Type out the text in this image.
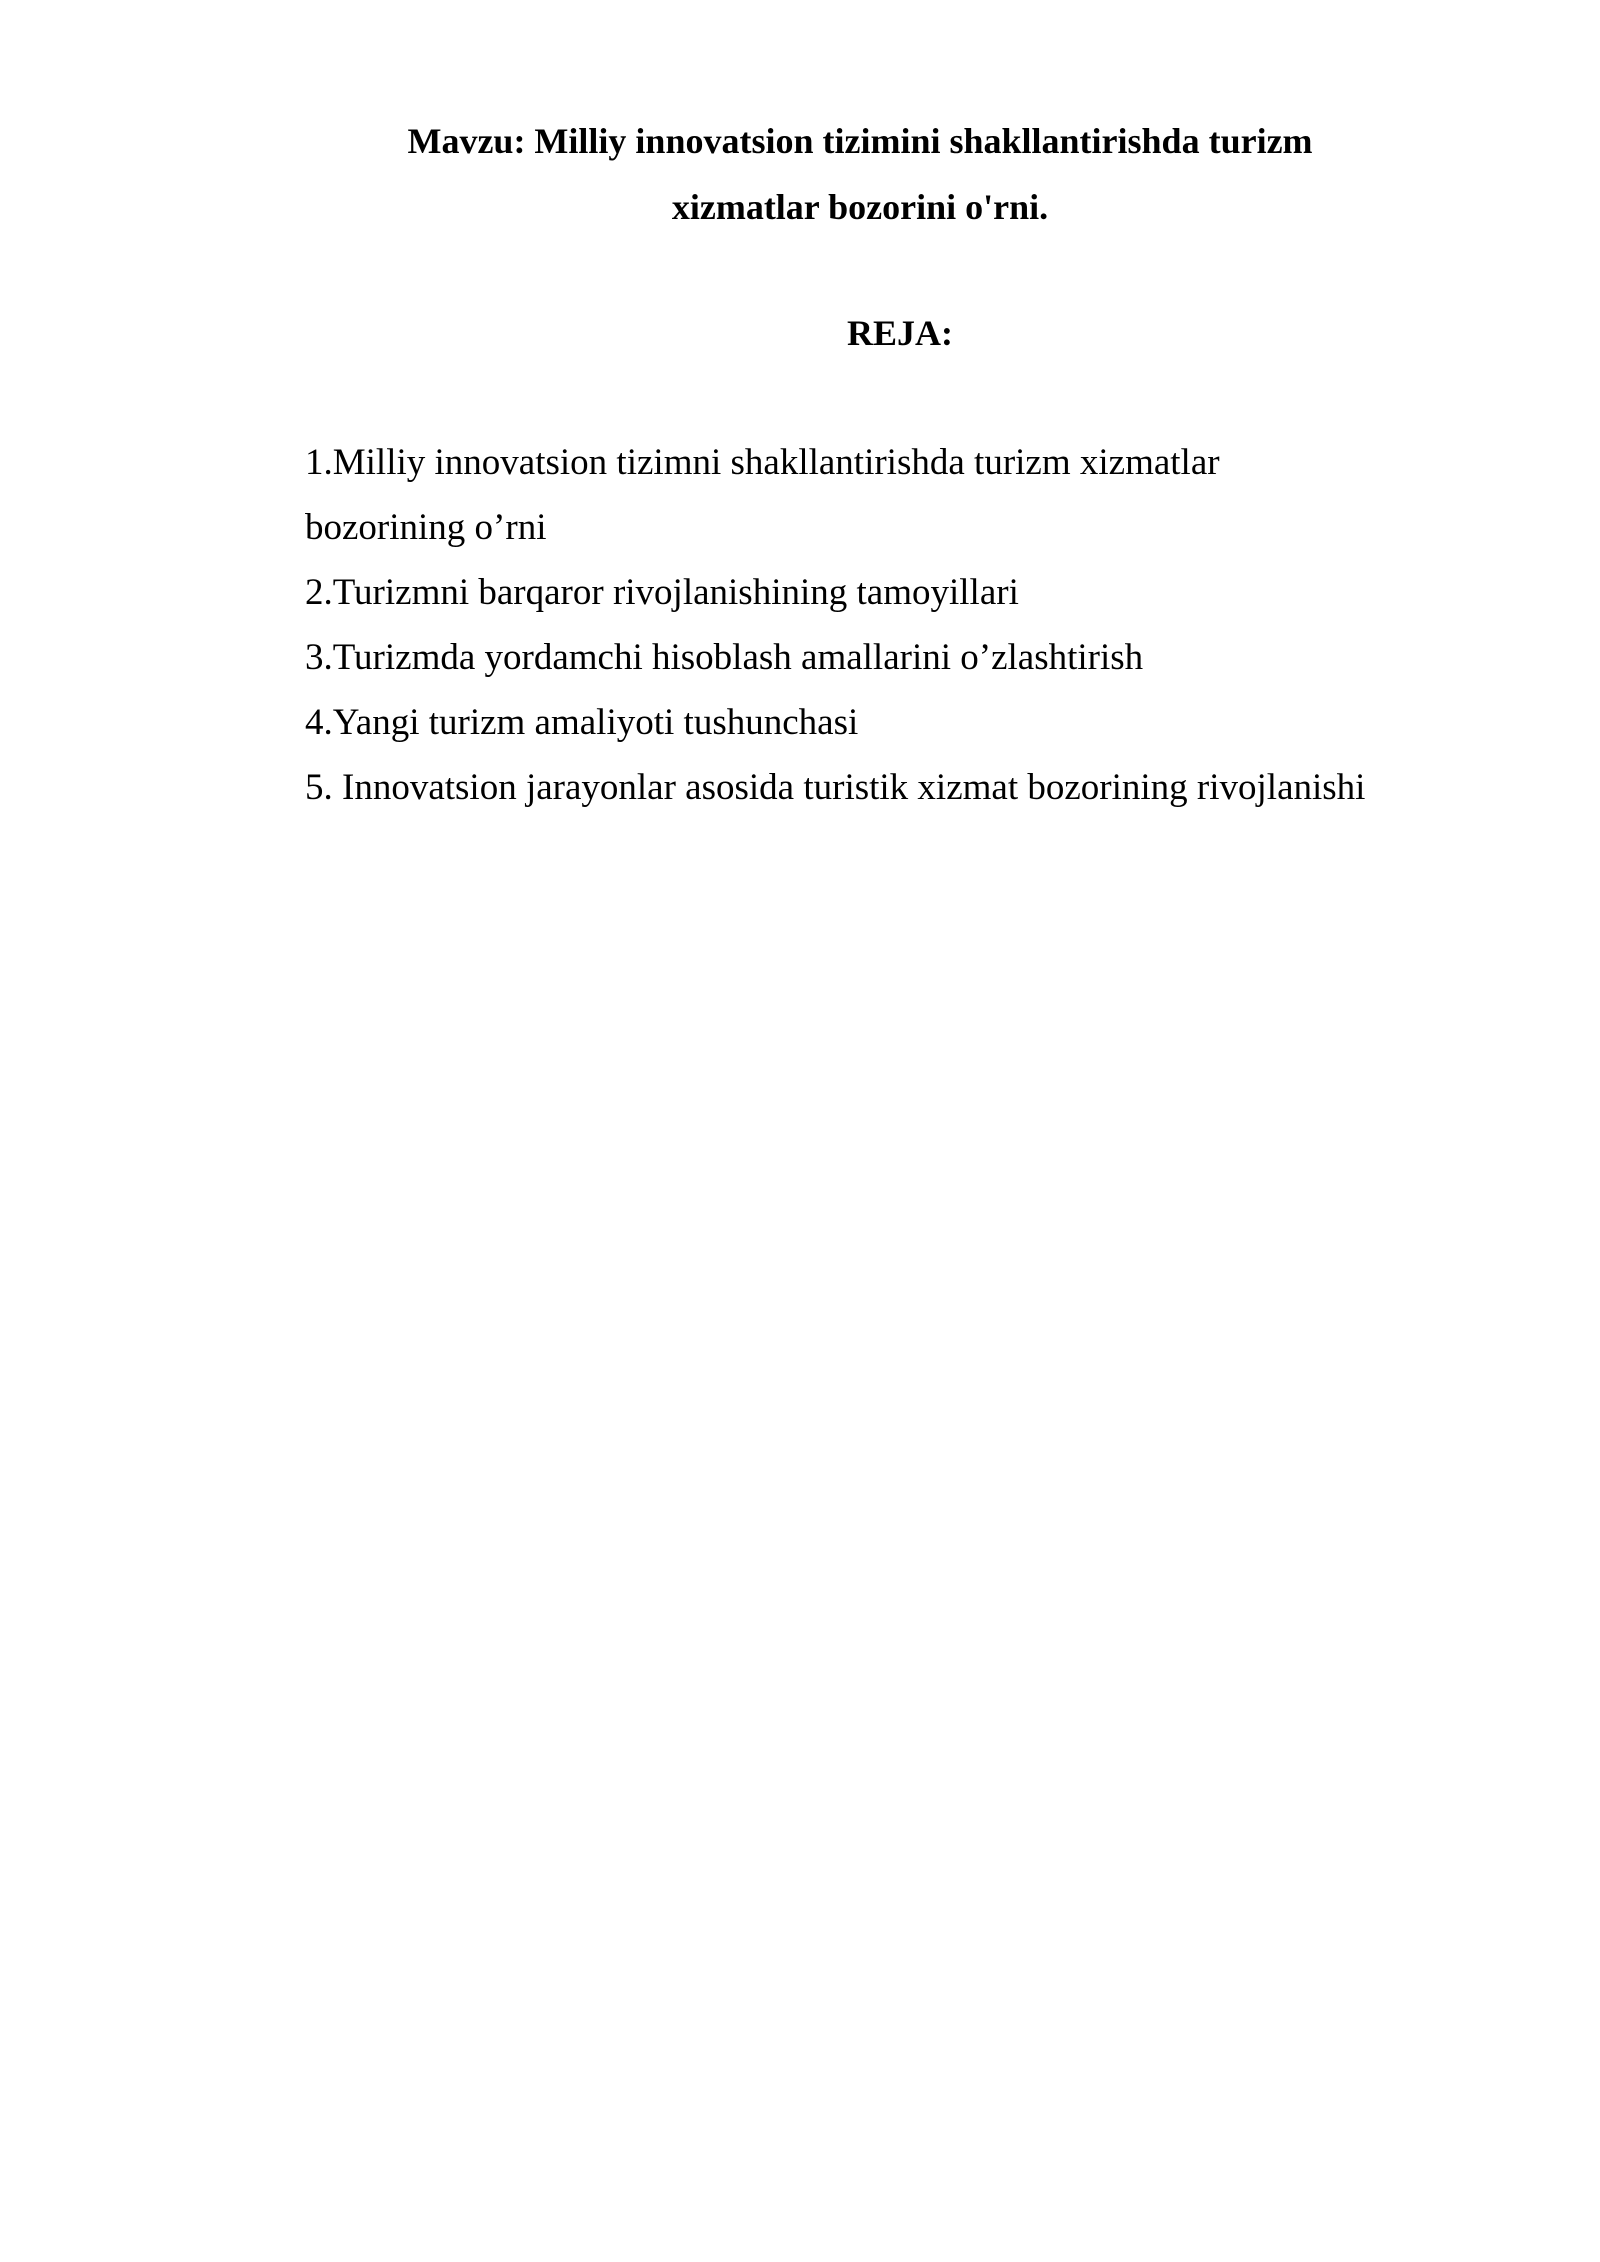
Mavzu: Milliy innovatsion tizimini shakllantirishda turizm
xizmatlar bozorini o'rni.
REJA:
1.Milliy innovatsion tizimni shakllantirishda turizm xizmatlar
bozorining o’rni
2.Turizmni barqaror rivojlanishining tamoyillari
3.Turizmda yordamchi hisoblash amallarini o’zlashtirish
4.Yangi turizm amaliyoti tushunchasi
5. Innovatsion jarayonlar asosida turistik xizmat bozorining rivojlanishi
